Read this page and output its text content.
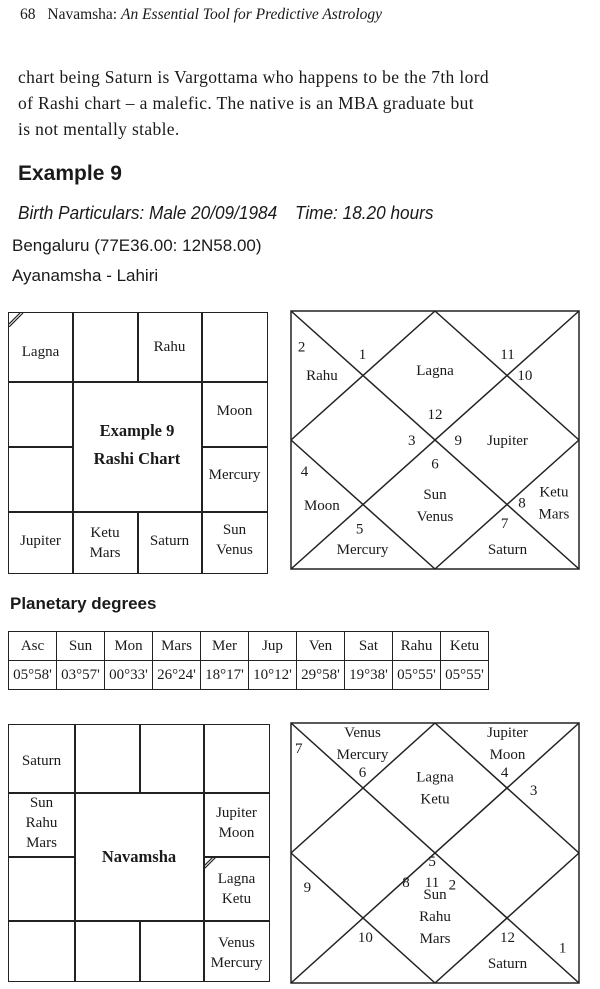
68 Navamsha: An Essential Tool for Predictive Astrology
chart being Saturn is Vargottama who happens to be the 7th lord
of Rashi chart – a malefic. The native is an MBA graduate but
is not mentally stable.
Example 9
Birth Particulars: Male 20/09/1984 Time: 18.20 hours
Bengaluru (77E36.00: 12N58.00)
Ayanamsha - Lahiri
Rahu
Moon
Mercury
Sun
Venus
Saturn
Ketu
Mars
Jupiter
Lagna
Example 9
Rashi Chart
12
1
2
3
4
5
6
7
8
9
10
11
Lagna
Rahu
Moon
Mercury
Sun Venus
Saturn
Ketu Mars
Jupiter
Planetary degrees
Asc	Sun	Mon	Mars	Mer	Jup	Ven	Sat	Rahu	Ketu
05°58'	03°57'	00°33'	26°24'	18°17'	10°12'	29°58'	19°38'	05°55'	05°55'
Saturn
Jupiter
Moon
Lagna
Ketu
Venus
Mercury
Sun
Rahu
Mars
Navamsha	5
6
7
8
9
10
11
12
1
2
3
4
Lagna Ketu
Venus Mercury
Sun Rahu Mars
Saturn
Jupiter Moon
